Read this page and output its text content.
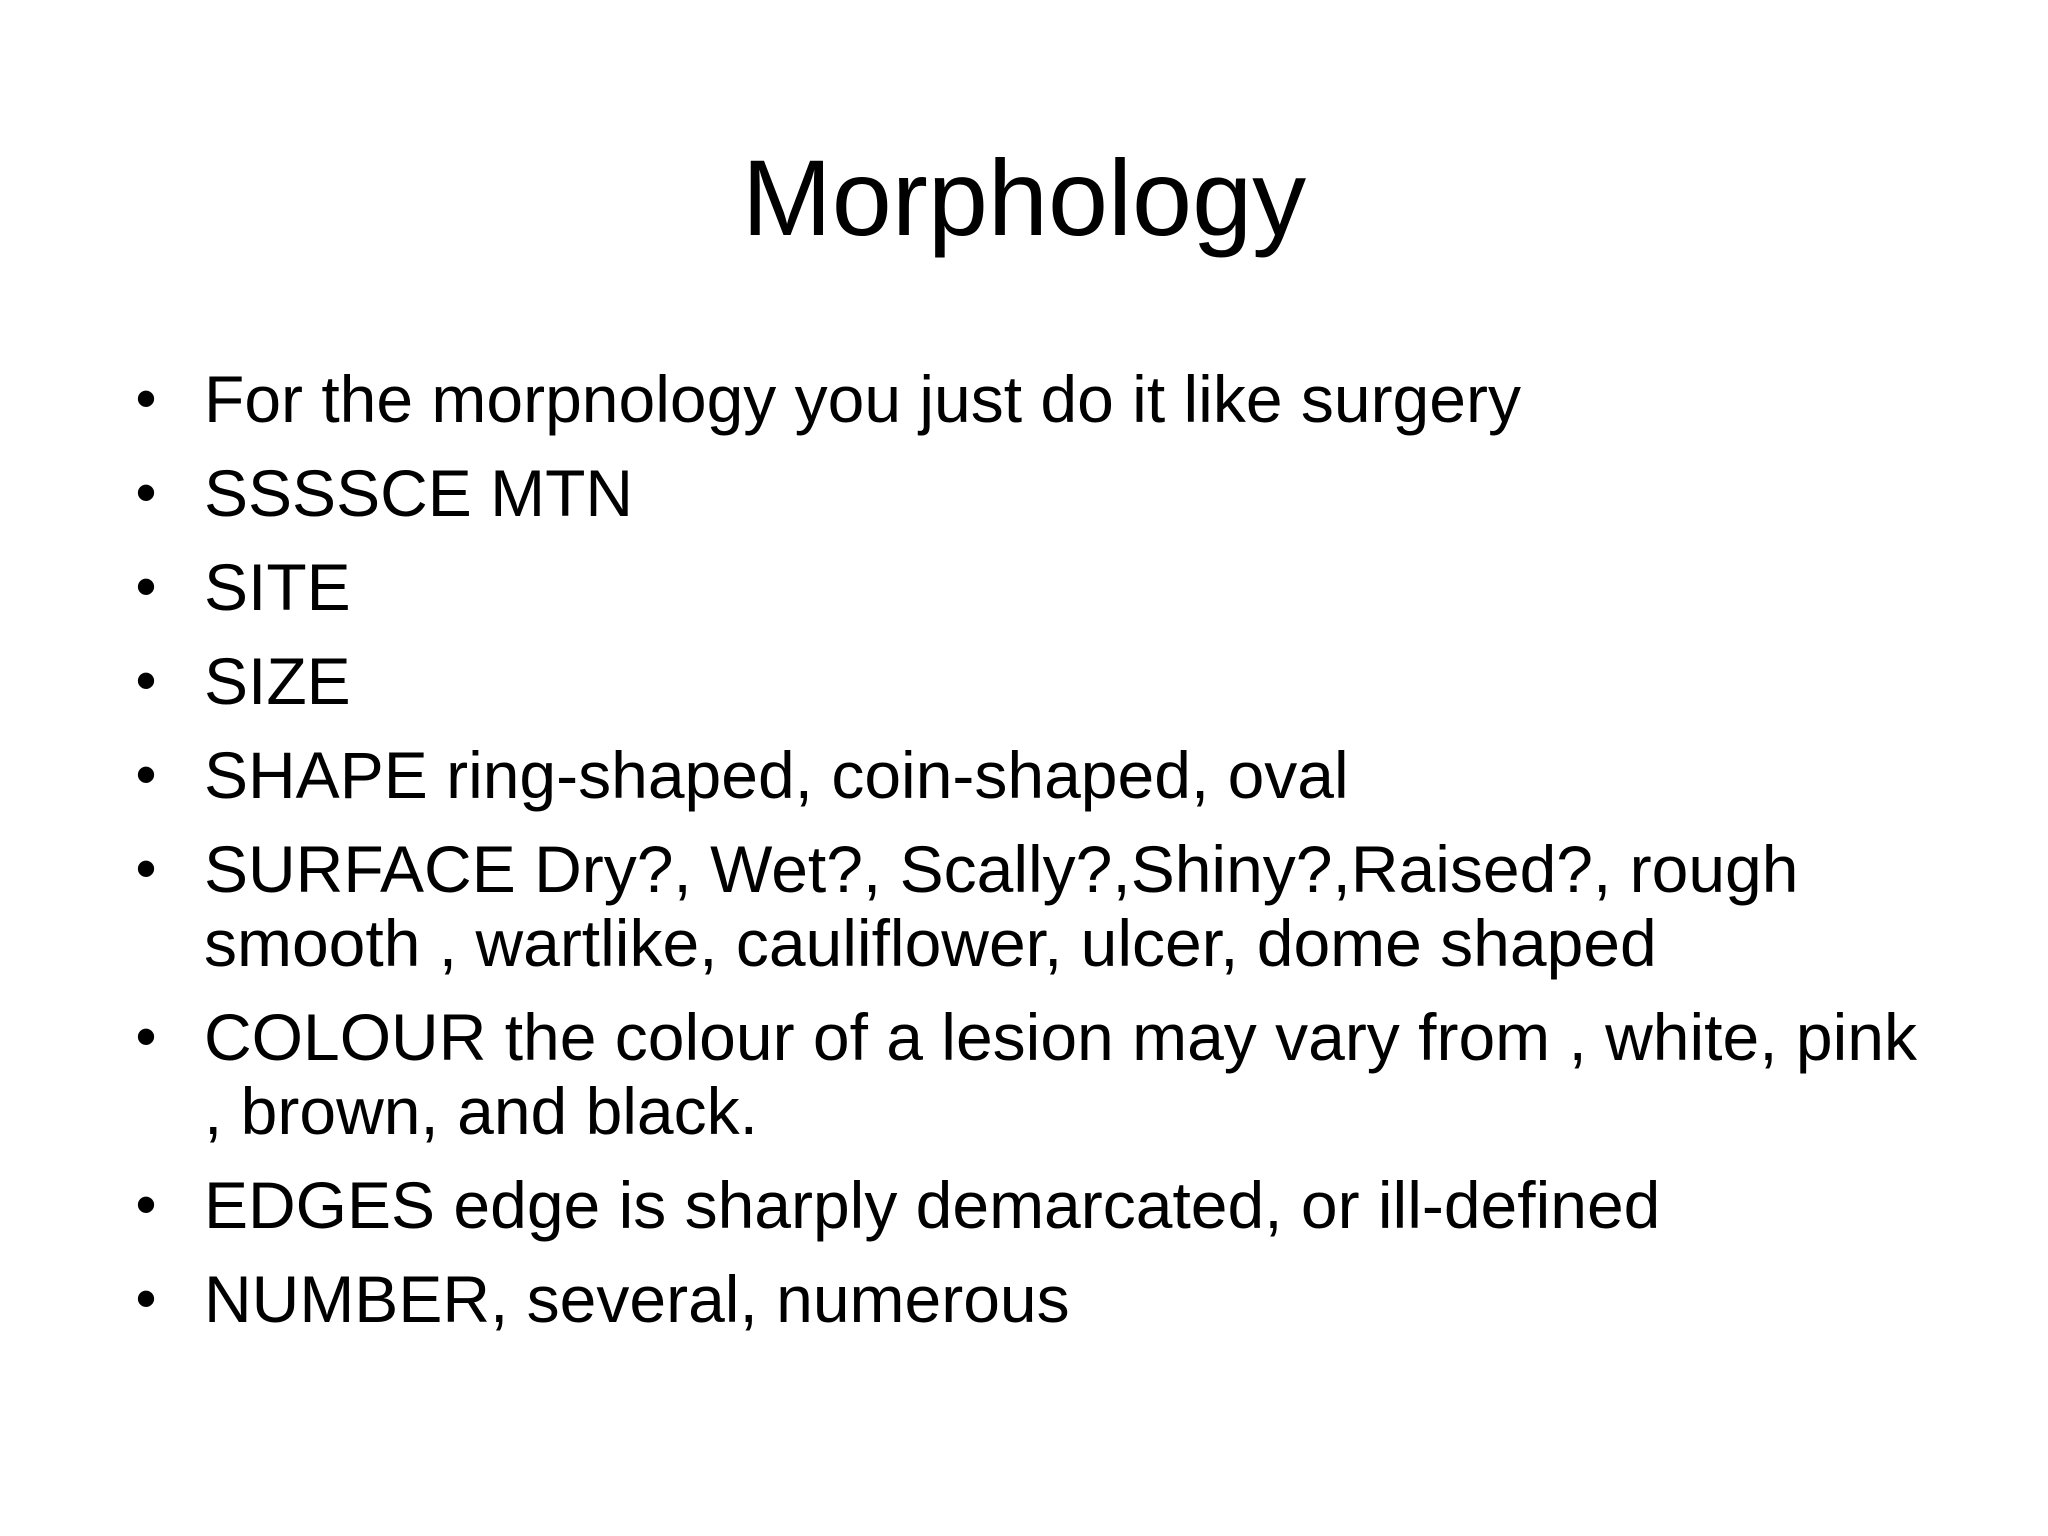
Morphology
• For the morpnology you just do it like surgery
• SSSSCE MTN
• SITE
• SIZE
• SHAPE ring-shaped, coin-shaped, oval
• SURFACE Dry?, Wet?, Scally?,Shiny?,Raised?, rough smooth , wartlike, cauliflower, ulcer, dome shaped
• COLOUR the colour of a lesion may vary from , white, pink , brown, and black.
• EDGES edge is sharply demarcated, or ill-defined
• NUMBER, several, numerous
